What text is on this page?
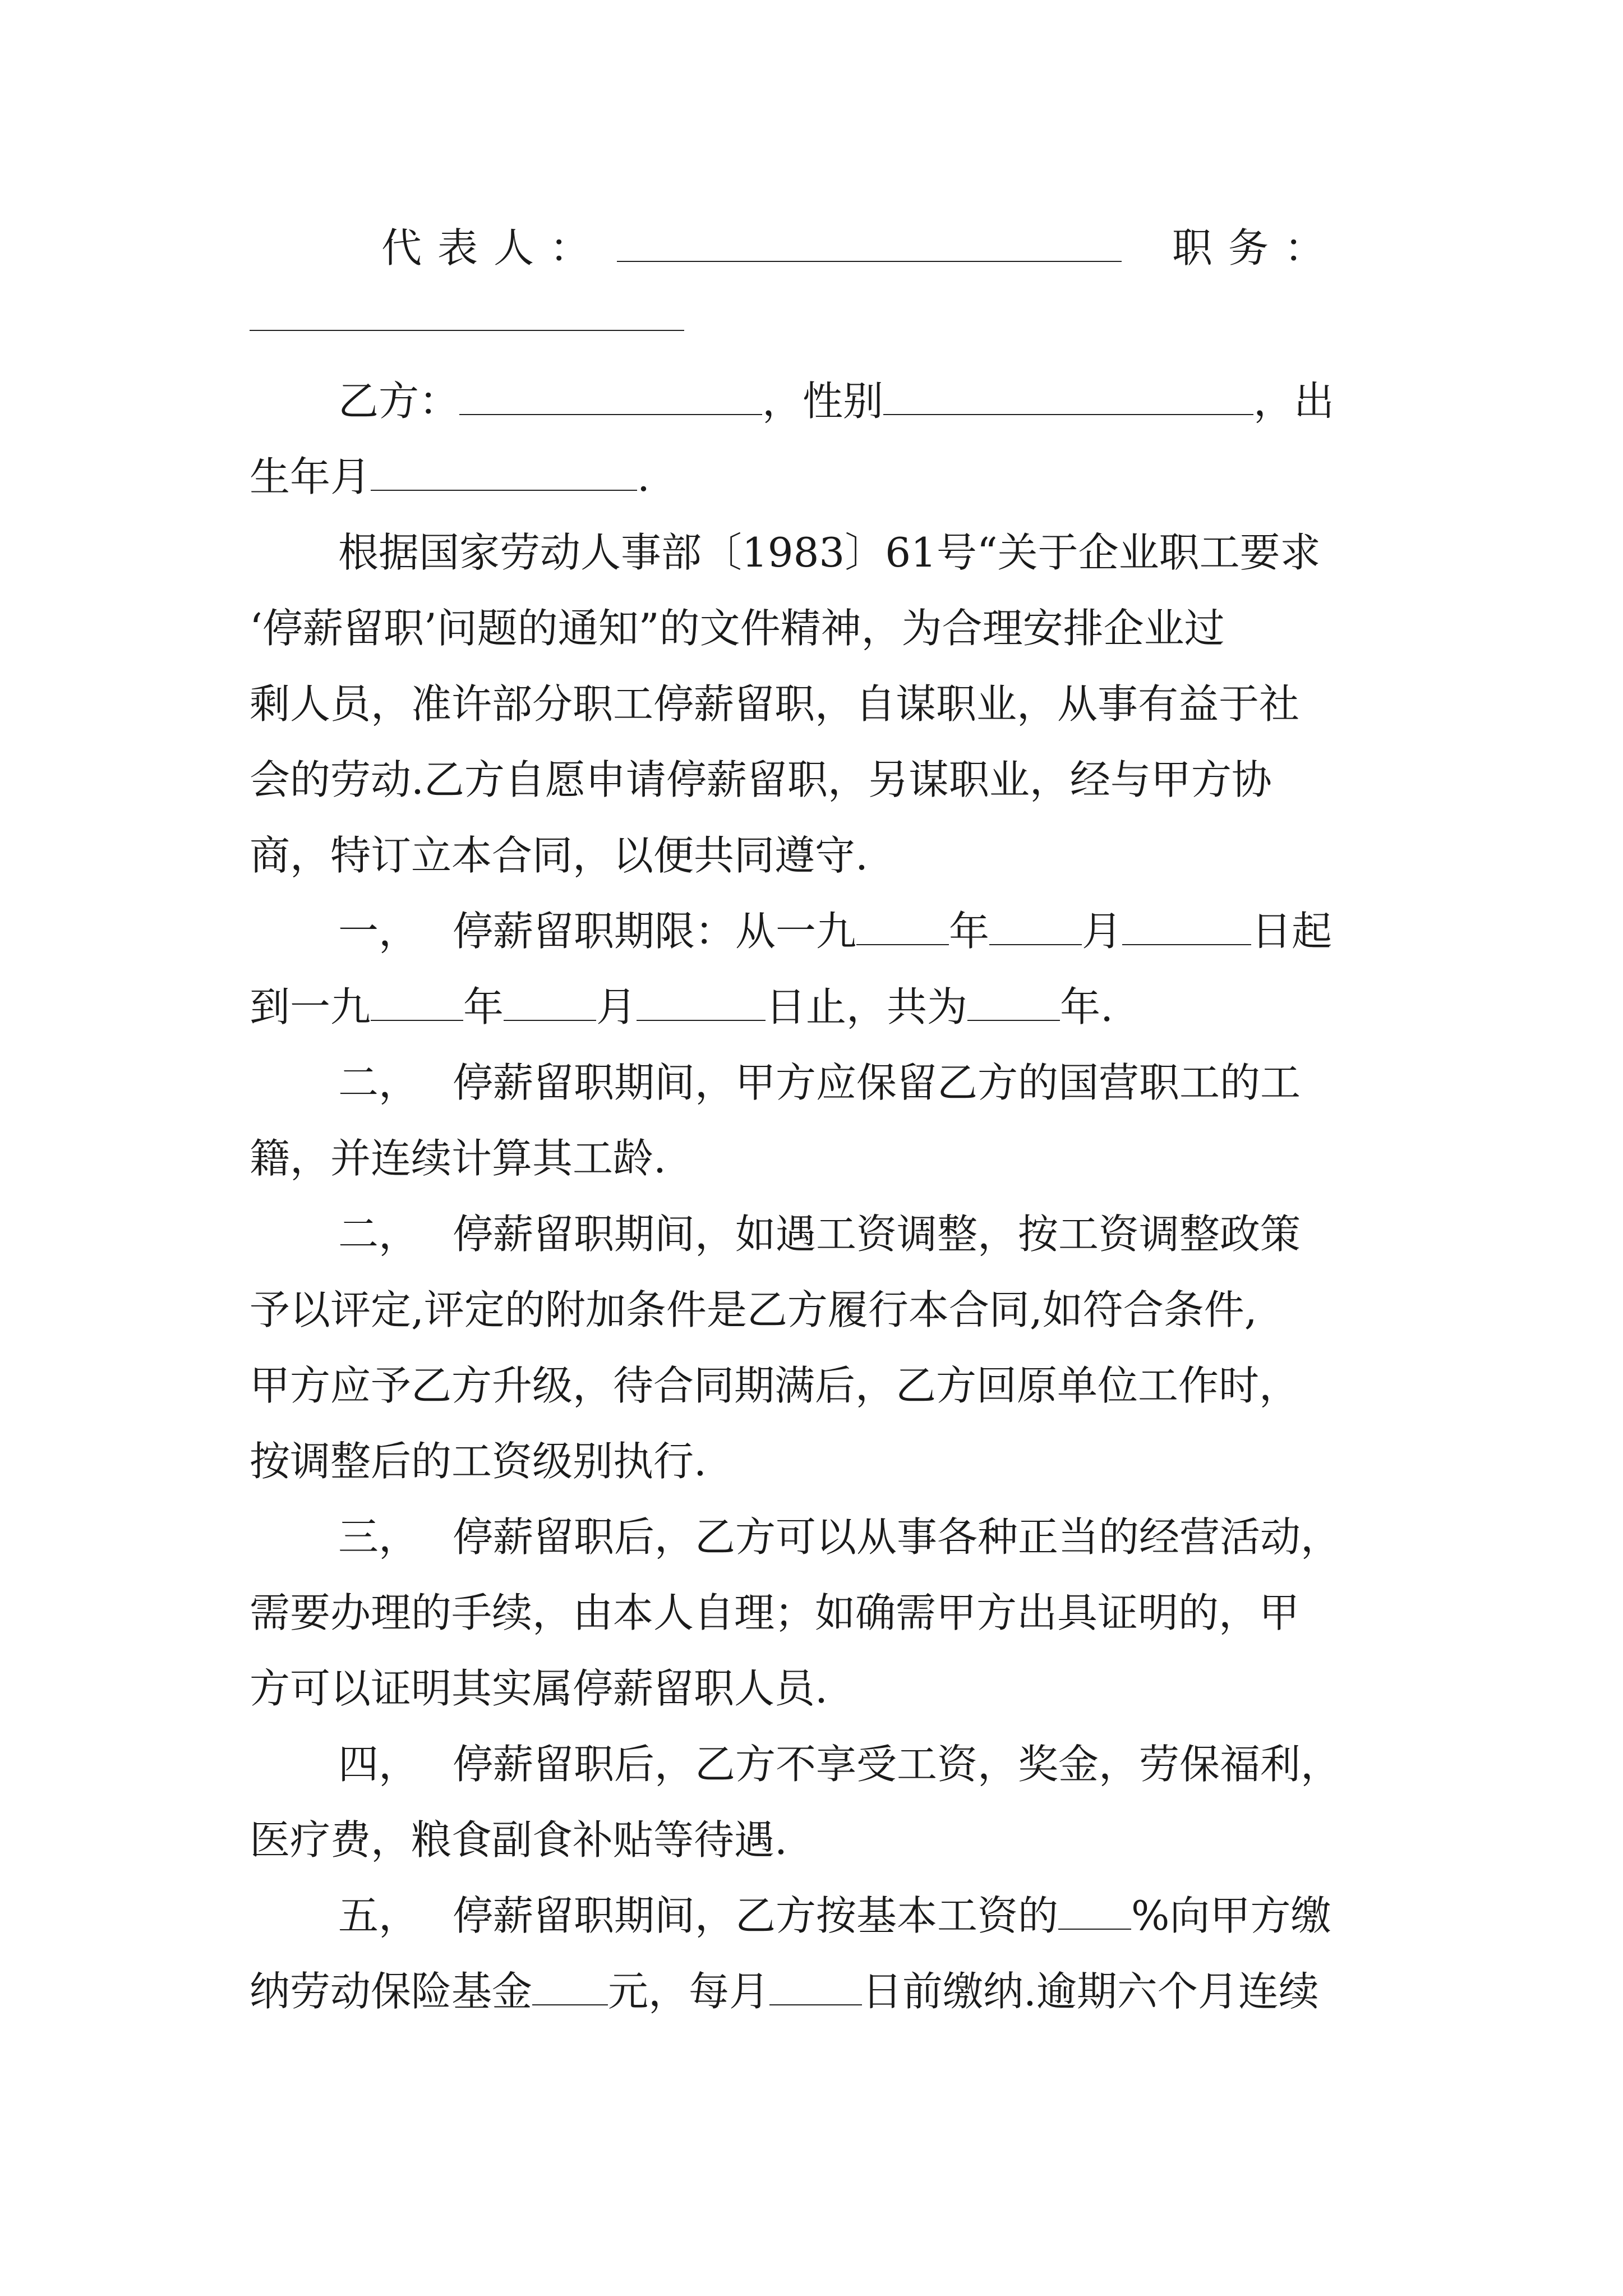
代表人：	职务：
乙方：	，性别	，出
生年月	.
根据国家劳动人事部〔1983〕61号“关于企业职工要求
‘停薪留职’问题的通知”的文件精神，为合理安排企业过
剩人员，准许部分职工停薪留职，自谋职业，从事有益于社
会的劳动.乙方自愿申请停薪留职，另谋职业，经与甲方协
商，特订立本合同，以便共同遵守.
一， 停薪留职期限：从一九 年 月	日起
到一九 年 月	日止，共为 年.
二， 停薪留职期间，甲方应保留乙方的国营职工的工
籍，并连续计算其工龄.
二， 停薪留职期间，如遇工资调整，按工资调整政策
予以评定,评定的附加条件是乙方履行本合同,如符合条件,
甲方应予乙方升级，待合同期满后，乙方回原单位工作时，
按调整后的工资级别执行.
三， 停薪留职后，乙方可以从事各种正当的经营活动，
需要办理的手续，由本人自理；如确需甲方出具证明的，甲
方可以证明其实属停薪留职人员.
四， 停薪留职后，乙方不享受工资，奖金，劳保福利，
医疗费，粮食副食补贴等待遇.
五， 停薪留职期间，乙方按基本工资的 %向甲方缴
纳劳动保险基金 元，每月 日前缴纳.逾期六个月连续
